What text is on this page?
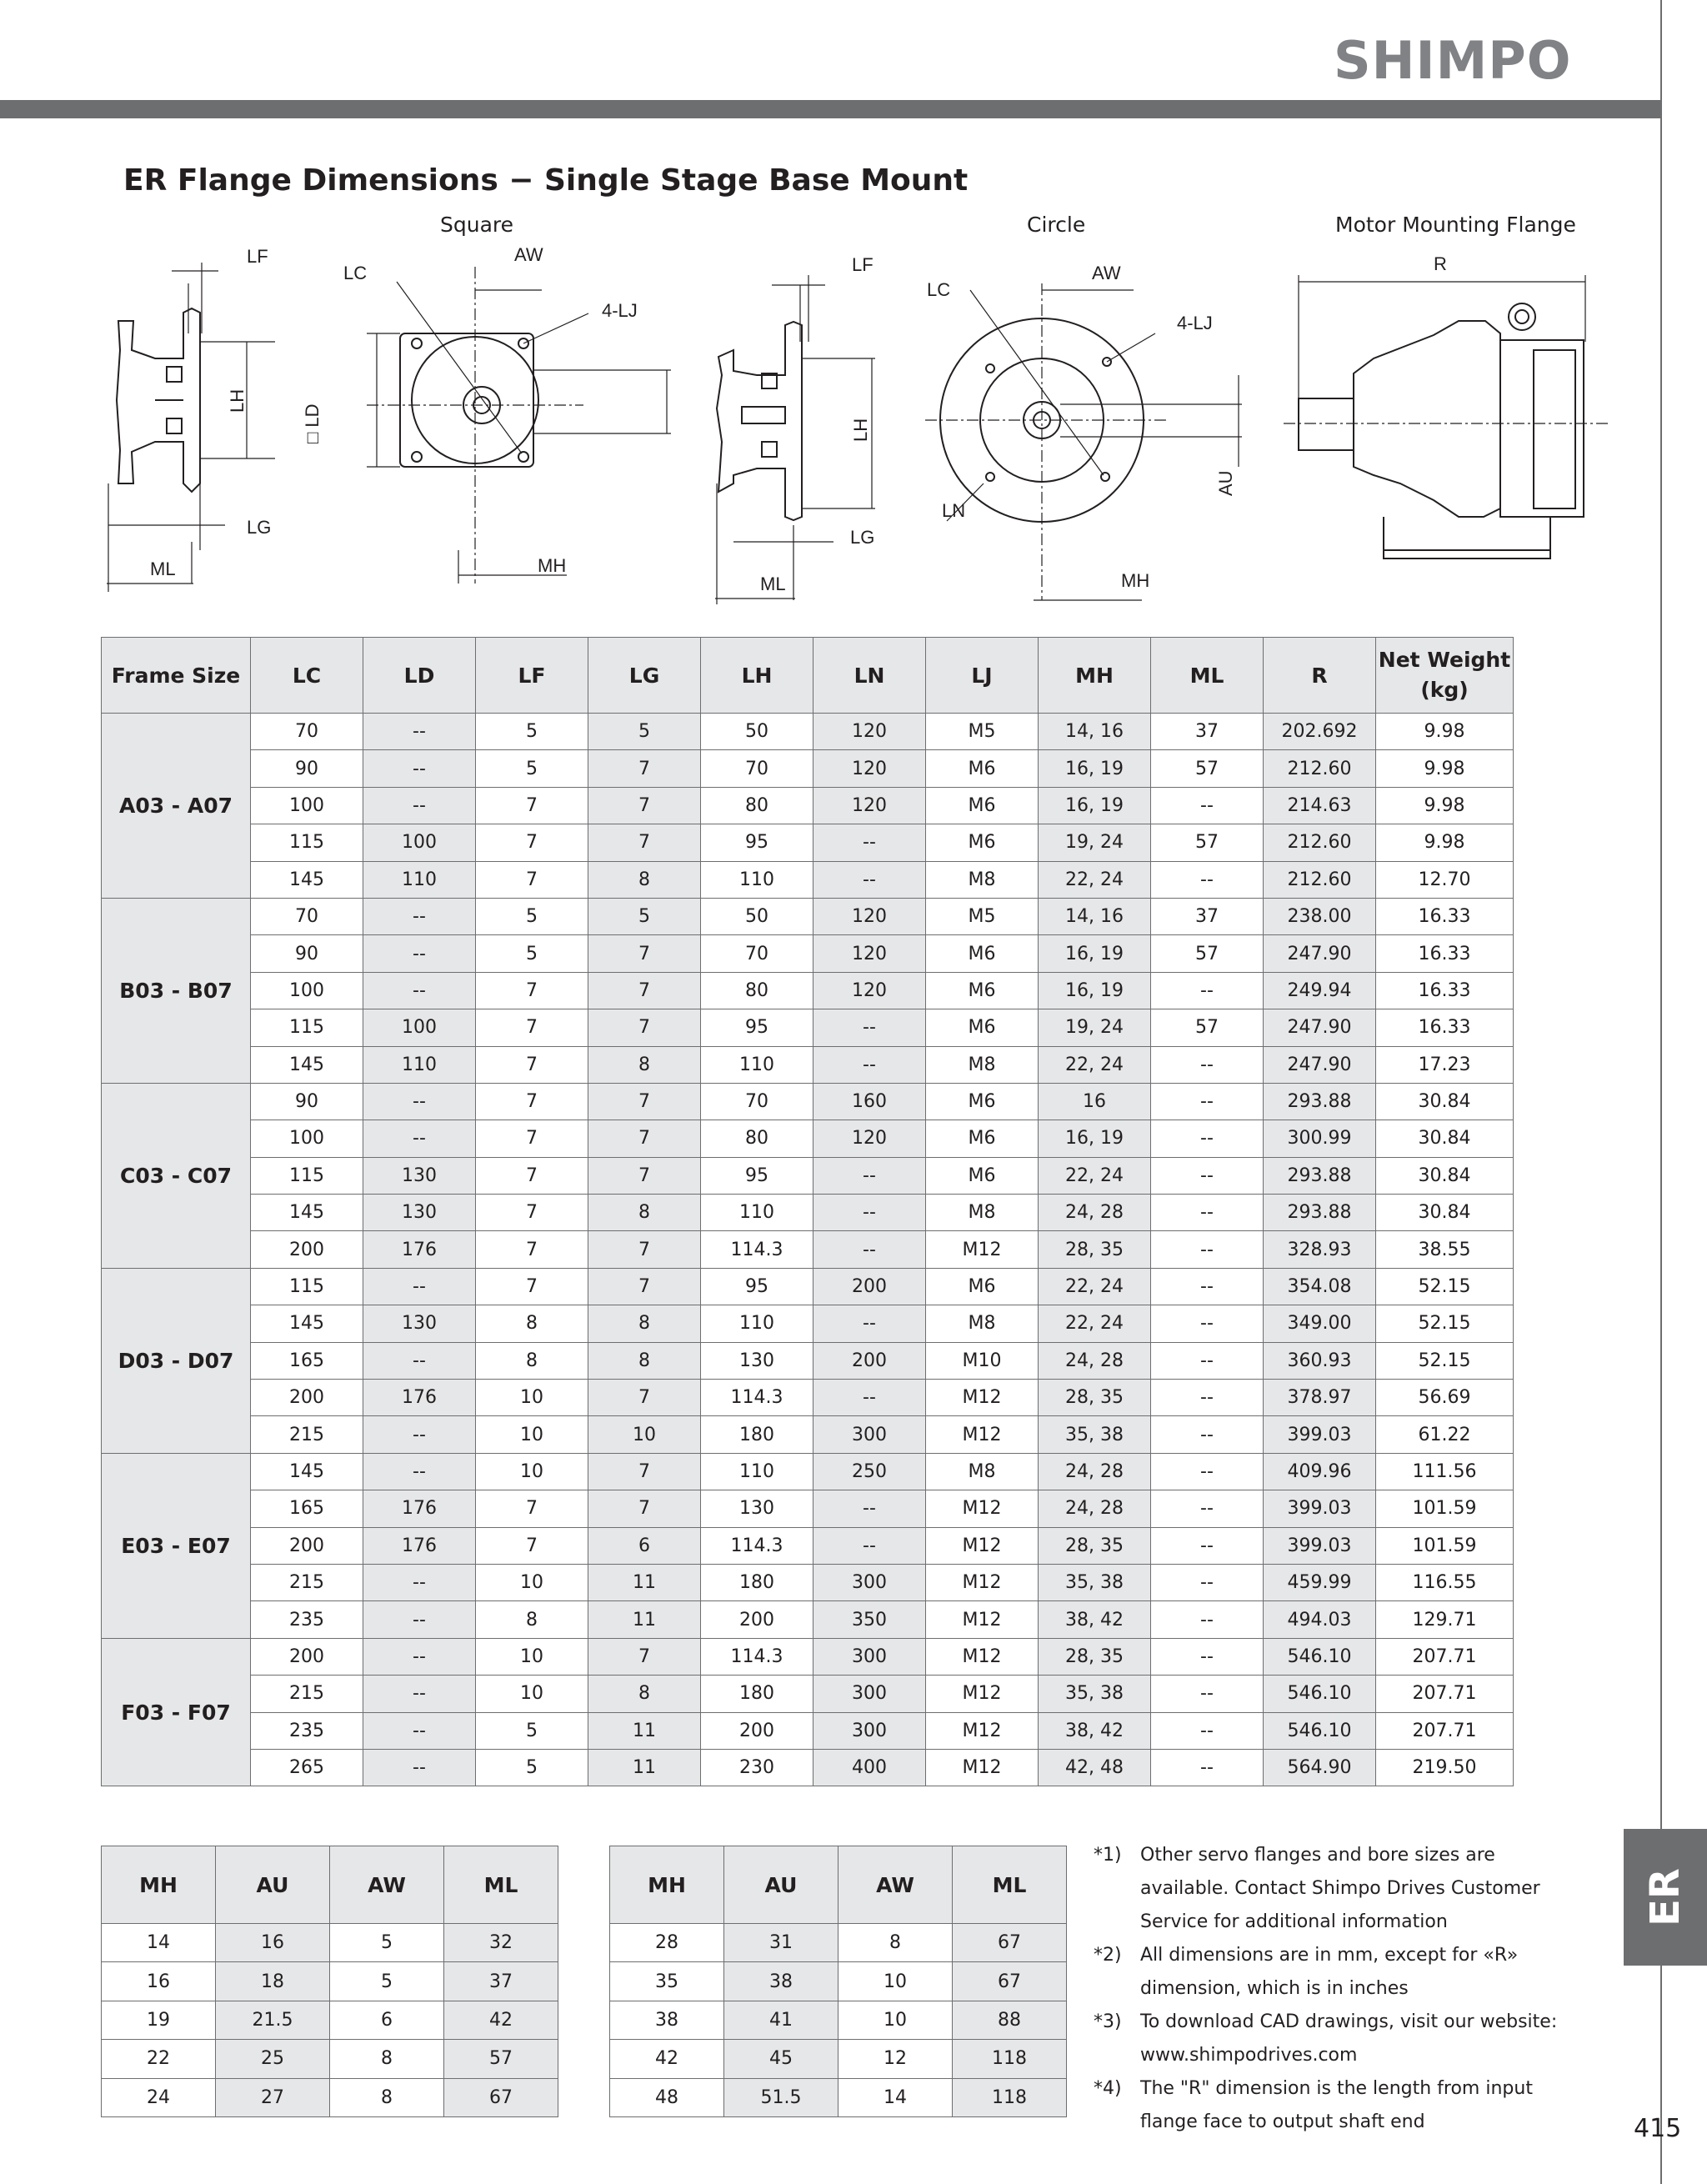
SHIMPO
ER Flange Dimensions − Single Stage Base Mount
Square	Circle	Motor Mounting Flange
LF
LH
LG
ML
LC
AW
4-LJ
□ LD
MH
LF
LH
LG
ML
LC
AW
4-LJ
LN
AU
MH
R
Frame Size	LC	LD	LF	LG	LH	LN	LJ	MH	ML	R	Net Weight
(kg)
A03 - A07	70	--	5	5	50	120	M5	14, 16	37	202.692	9.98
	90	--	5	7	70	120	M6	16, 19	57	212.60	9.98
	100	--	7	7	80	120	M6	16, 19	--	214.63	9.98
	115	100	7	7	95	--	M6	19, 24	57	212.60	9.98
	145	110	7	8	110	--	M8	22, 24	--	212.60	12.70
B03 - B07	70	--	5	5	50	120	M5	14, 16	37	238.00	16.33
	90	--	5	7	70	120	M6	16, 19	57	247.90	16.33
	100	--	7	7	80	120	M6	16, 19	--	249.94	16.33
	115	100	7	7	95	--	M6	19, 24	57	247.90	16.33
	145	110	7	8	110	--	M8	22, 24	--	247.90	17.23
C03 - C07	90	--	7	7	70	160	M6	16	--	293.88	30.84
	100	--	7	7	80	120	M6	16, 19	--	300.99	30.84
	115	130	7	7	95	--	M6	22, 24	--	293.88	30.84
	145	130	7	8	110	--	M8	24, 28	--	293.88	30.84
	200	176	7	7	114.3	--	M12	28, 35	--	328.93	38.55
D03 - D07	115	--	7	7	95	200	M6	22, 24	--	354.08	52.15
	145	130	8	8	110	--	M8	22, 24	--	349.00	52.15
	165	--	8	8	130	200	M10	24, 28	--	360.93	52.15
	200	176	10	7	114.3	--	M12	28, 35	--	378.97	56.69
	215	--	10	10	180	300	M12	35, 38	--	399.03	61.22
E03 - E07	145	--	10	7	110	250	M8	24, 28	--	409.96	111.56
	165	176	7	7	130	--	M12	24, 28	--	399.03	101.59
	200	176	7	6	114.3	--	M12	28, 35	--	399.03	101.59
	215	--	10	11	180	300	M12	35, 38	--	459.99	116.55
	235	--	8	11	200	350	M12	38, 42	--	494.03	129.71
F03 - F07	200	--	10	7	114.3	300	M12	28, 35	--	546.10	207.71
	215	--	10	8	180	300	M12	35, 38	--	546.10	207.71
	235	--	5	11	200	300	M12	38, 42	--	546.10	207.71
	265	--	5	11	230	400	M12	42, 48	--	564.90	219.50
MH	AU	AW	ML
14	16	5	32
16	18	5	37
19	21.5	6	42
22	25	8	57
24	27	8	67
MH	AU	AW	ML
28	31	8	67
35	38	10	67
38	41	10	88
42	45	12	118
48	51.5	14	118
*1)	Other servo flanges and bore sizes are available. Contact Shimpo Drives Customer Service for additional information
*2)	All dimensions are in mm, except for «R» dimension, which is in inches
*3)	To download CAD drawings, visit our website: www.shimpodrives.com
*4)	The "R" dimension is the length from input flange face to output shaft end
ER
415
